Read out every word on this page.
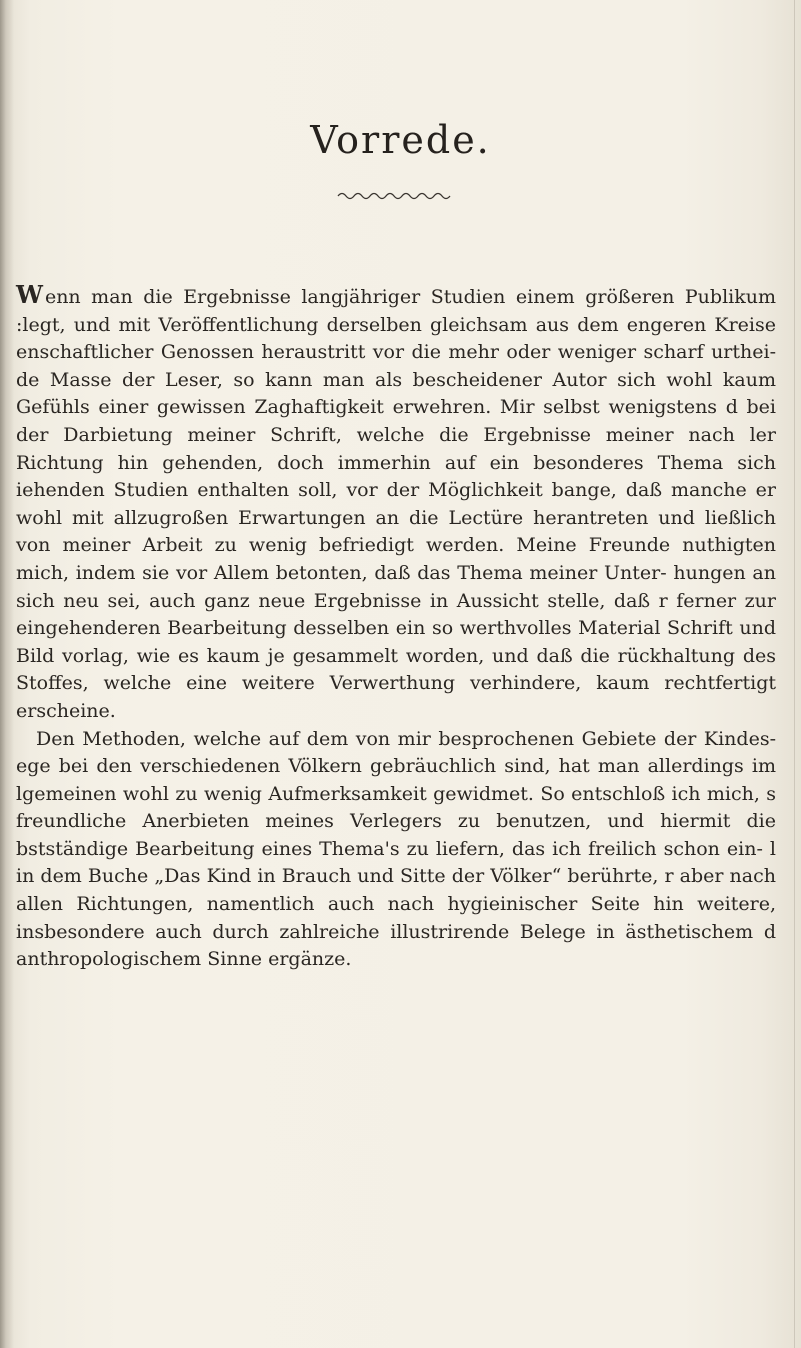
Vorrede.

W enn man die Ergebnisse langjähriger Studien einem größeren Publikum :legt, und mit Veröffentlichung derselben gleichsam aus dem engeren Kreise enschaftlicher Genossen heraustritt vor die mehr oder weniger scharf urthei- de Masse der Leser, so kann man als bescheidener Autor sich wohl kaum Gefühls einer gewissen Zaghaftigkeit erwehren. Mir selbst wenigstens d bei der Darbietung meiner Schrift, welche die Ergebnisse meiner nach ler Richtung hin gehenden, doch immerhin auf ein besonderes Thema sich iehenden Studien enthalten soll, vor der Möglichkeit bange, daß manche er wohl mit allzugroßen Erwartungen an die Lectüre herantreten und ließlich von meiner Arbeit zu wenig befriedigt werden. Meine Freunde nuthigten mich, indem sie vor Allem betonten, daß das Thema meiner Unter- hungen an sich neu sei, auch ganz neue Ergebnisse in Aussicht stelle, daß r ferner zur eingehenderen Bearbeitung desselben ein so werthvolles Material Schrift und Bild vorlag, wie es kaum je gesammelt worden, und daß die rückhaltung des Stoffes, welche eine weitere Verwerthung verhindere, kaum rechtfertigt erscheine.

Den Methoden, welche auf dem von mir besprochenen Gebiete der Kindes- ege bei den verschiedenen Völkern gebräuchlich sind, hat man allerdings im lgemeinen wohl zu wenig Aufmerksamkeit gewidmet. So entschloß ich mich, s freundliche Anerbieten meines Verlegers zu benutzen, und hiermit die bstständige Bearbeitung eines Thema's zu liefern, das ich freilich schon ein- l in dem Buche „Das Kind in Brauch und Sitte der Völker“ berührte, r aber nach allen Richtungen, namentlich auch nach hygieinischer Seite hin weitere, insbesondere auch durch zahlreiche illustrirende Belege in ästhetischem d anthropologischem Sinne ergänze.
